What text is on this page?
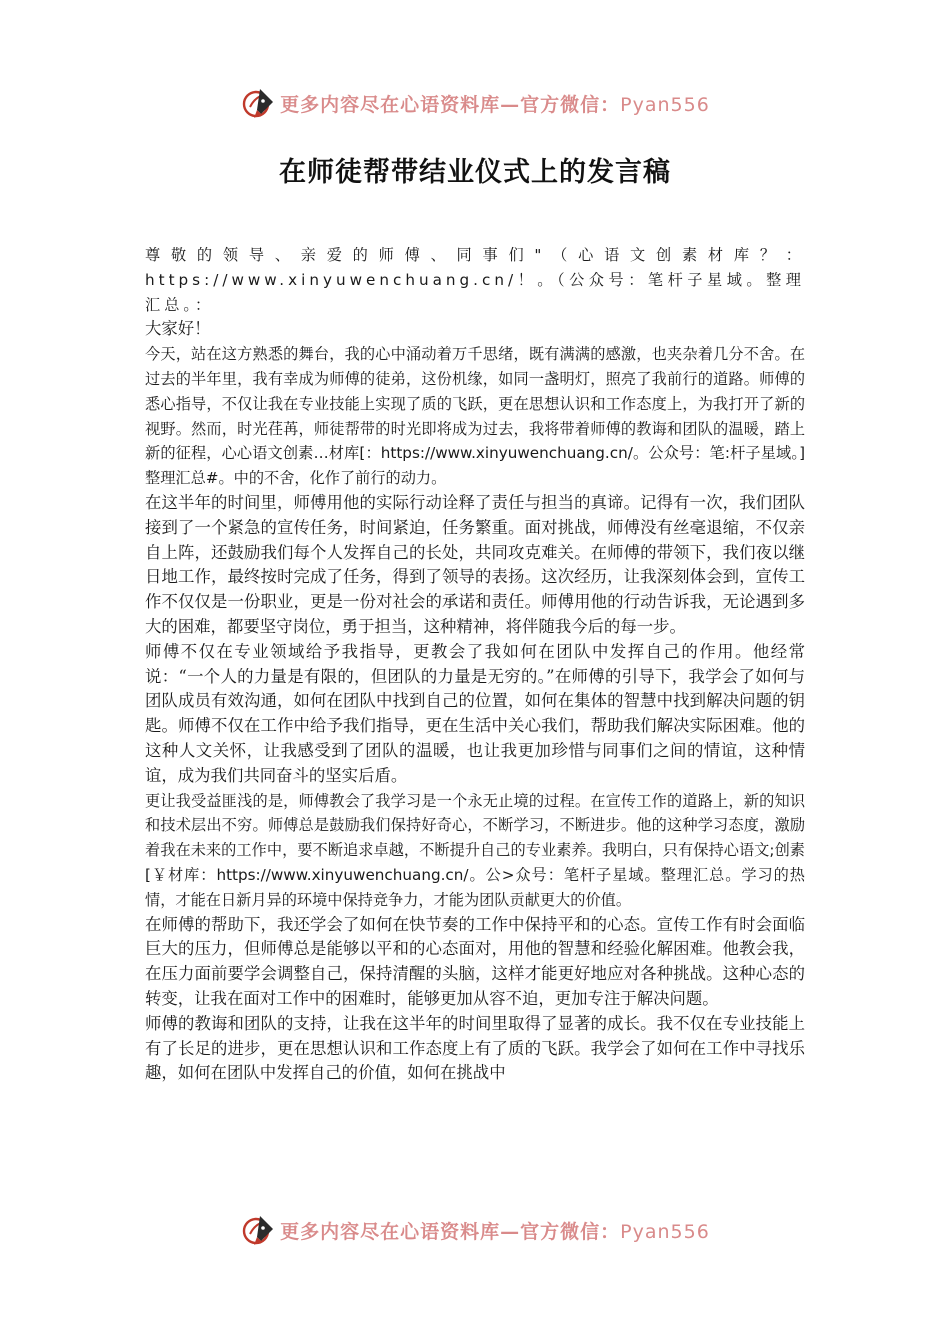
更多内容尽在心语资料库—官方微信：Pyan556
在师徒帮带结业仪式上的发言稿

尊敬的领导、亲爱的师傅、同事们"（心语文创素材库？：https://www.xinyuwenchuang.cn/！。（公众号：笔杆子星域。整理汇总。：

大家好！

今天，站在这方熟悉的舞台，我的心中涌动着万千思绪，既有满满的感激，也夹杂着几分不舍。在过去的半年里，我有幸成为师傅的徒弟，这份机缘，如同一盏明灯，照亮了我前行的道路。师傅的悉心指导，不仅让我在专业技能上实现了质的飞跃，更在思想认识和工作态度上，为我打开了新的视野。然而，时光荏苒，师徒帮带的时光即将成为过去，我将带着师傅的教诲和团队的温暖，踏上新的征程，心心语文创素…材库[：https://www.xinyuwenchuang.cn/。公众号：笔:杆子星域。]整理汇总#。中的不舍，化作了前行的动力。

在这半年的时间里，师傅用他的实际行动诠释了责任与担当的真谛。记得有一次，我们团队接到了一个紧急的宣传任务，时间紧迫，任务繁重。面对挑战，师傅没有丝毫退缩，不仅亲自上阵，还鼓励我们每个人发挥自己的长处，共同攻克难关。在师傅的带领下，我们夜以继日地工作，最终按时完成了任务，得到了领导的表扬。这次经历，让我深刻体会到，宣传工作不仅仅是一份职业，更是一份对社会的承诺和责任。师傅用他的行动告诉我，无论遇到多大的困难，都要坚守岗位，勇于担当，这种精神，将伴随我今后的每一步。

师傅不仅在专业领域给予我指导，更教会了我如何在团队中发挥自己的作用。他经常说：“一个人的力量是有限的，但团队的力量是无穷的。”在师傅的引导下，我学会了如何与团队成员有效沟通，如何在团队中找到自己的位置，如何在集体的智慧中找到解决问题的钥匙。师傅不仅在工作中给予我们指导，更在生活中关心我们，帮助我们解决实际困难。他的这种人文关怀，让我感受到了团队的温暖，也让我更加珍惜与同事们之间的情谊，这种情谊，成为我们共同奋斗的坚实后盾。

更让我受益匪浅的是，师傅教会了我学习是一个永无止境的过程。在宣传工作的道路上，新的知识和技术层出不穷。师傅总是鼓励我们保持好奇心，不断学习，不断进步。他的这种学习态度，激励着我在未来的工作中，要不断追求卓越，不断提升自己的专业素养。我明白，只有保持心语文;创素[￥材库：https://www.xinyuwenchuang.cn/。公>众号：笔杆子星域。整理汇总。学习的热情，才能在日新月异的环境中保持竞争力，才能为团队贡献更大的价值。

在师傅的帮助下，我还学会了如何在快节奏的工作中保持平和的心态。宣传工作有时会面临巨大的压力，但师傅总是能够以平和的心态面对，用他的智慧和经验化解困难。他教会我，在压力面前要学会调整自己，保持清醒的头脑，这样才能更好地应对各种挑战。这种心态的转变，让我在面对工作中的困难时，能够更加从容不迫，更加专注于解决问题。

师傅的教诲和团队的支持，让我在这半年的时间里取得了显著的成长。我不仅在专业技能上有了长足的进步，更在思想认识和工作态度上有了质的飞跃。我学会了如何在工作中寻找乐趣，如何在团队中发挥自己的价值，如何在挑战中

更多内容尽在心语资料库—官方微信：Pyan556
